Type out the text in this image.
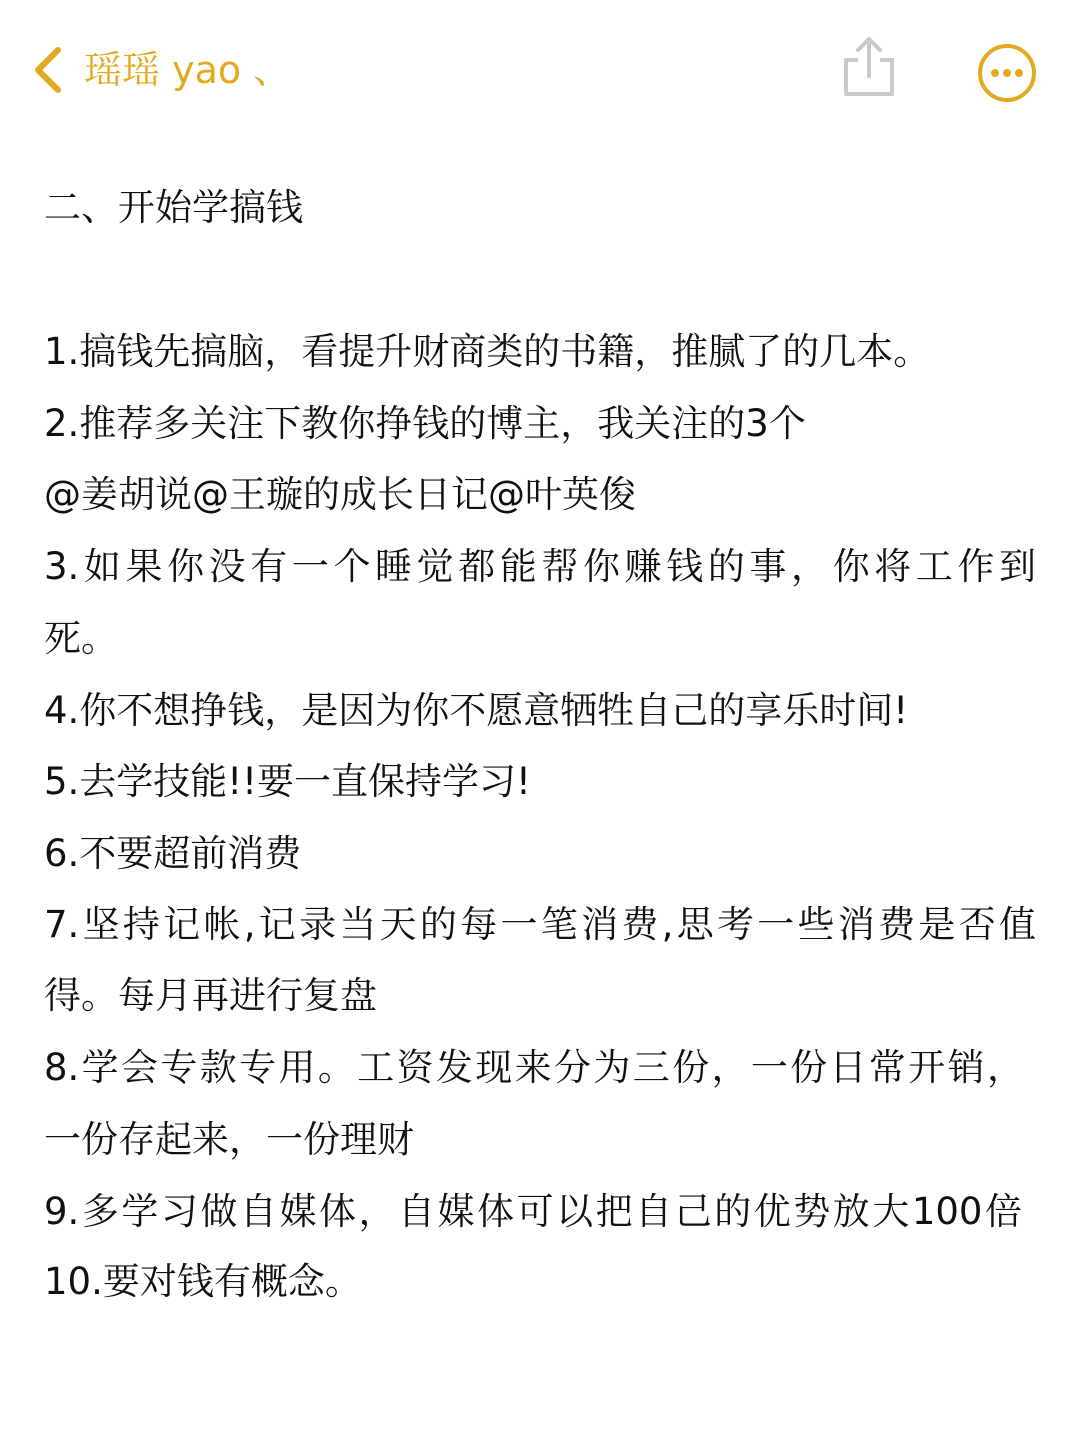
瑶瑶 yao 、
二、开始学搞钱
1.搞钱先搞脑，看提升财商类的书籍，推腻了的几本。
2.推荐多关注下教你挣钱的博主，我关注的3个
@姜胡说@王璇的成长日记@叶英俊
3.如果你没有一个睡觉都能帮你赚钱的事，你将工作到
死。
4.你不想挣钱，是因为你不愿意牺牲自己的享乐时间!
5.去学技能!!要一直保持学习!
6.不要超前消费
7.坚持记帐,记录当天的每一笔消费,思考一些消费是否值
得。每月再进行复盘
8.学会专款专用。工资发现来分为三份，一份日常开销，
一份存起来，一份理财
9.多学习做自媒体，自媒体可以把自己的优势放大100倍
10.要对钱有概念。
